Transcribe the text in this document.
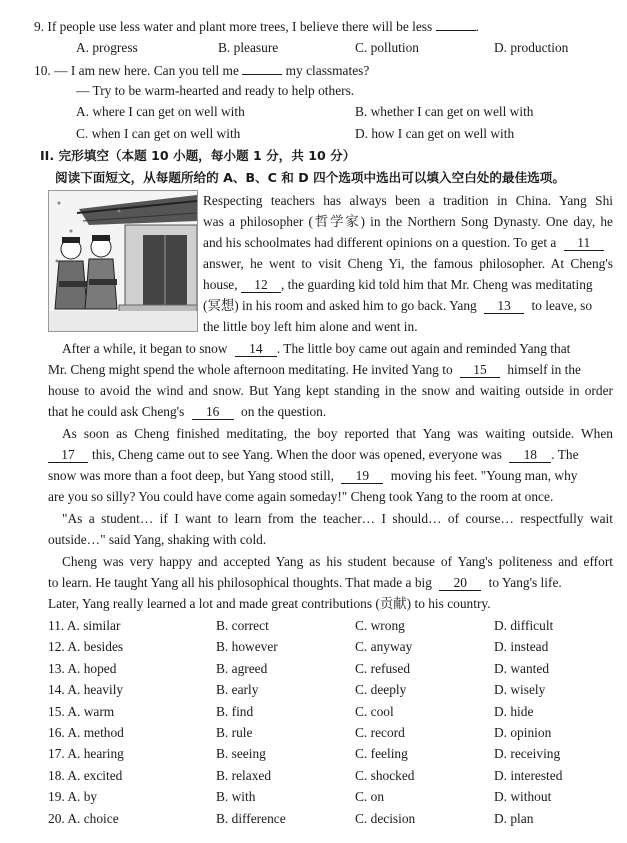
9. If people use less water and plant more trees, I believe there will be less	.
A. progress	B. pleasure	C. pollution	D. production
10. — I am new here. Can you tell me	my classmates?
— Try to be warm-hearted and ready to help others.
A. where I can get on well with	B. whether I can get on well with
C. when I can get on well with	D. how I can get on well with
II. 完形填空（本题 10 小题，每小题 1 分，共 10 分）
阅读下面短文，从每题所给的 A、B、C 和 D 四个选项中选出可以填入空白处的最佳选项。
Respecting teachers has always been a tradition in China. Yang Shi
was a philosopher (哲学家) in the Northern Song Dynasty. One day, he
and his schoolmates had different opinions on a question. To get a 11
answer, he went to visit Cheng Yi, the famous philosopher. At Cheng's
house, 12 , the guarding kid told him that Mr. Cheng was meditating
(冥想) in his room and asked him to go back. Yang 13 to leave, so
the little boy left him alone and went in.
After a while, it began to snow 14 . The little boy came out again and reminded Yang that
Mr. Cheng might spend the whole afternoon meditating. He invited Yang to 15 himself in the
house to avoid the wind and snow. But Yang kept standing in the snow and waiting outside in order
that he could ask Cheng's 16 on the question.
As soon as Cheng finished meditating, the boy reported that Yang was waiting outside. When
17 this, Cheng came out to see Yang. When the door was opened, everyone was 18 . The
snow was more than a foot deep, but Yang stood still, 19 moving his feet. "Young man, why
are you so silly? You could have come again someday!" Cheng took Yang to the room at once.
"As a student… if I want to learn from the teacher… I should… of course… respectfully wait
outside…" said Yang, shaking with cold.
Cheng was very happy and accepted Yang as his student because of Yang's politeness and effort
to learn. He taught Yang all his philosophical thoughts. That made a big 20 to Yang's life.
Later, Yang really learned a lot and made great contributions (贡献) to his country.
11. A. similar	B. correct	C. wrong	D. difficult
12. A. besides	B. however	C. anyway	D. instead
13. A. hoped	B. agreed	C. refused	D. wanted
14. A. heavily	B. early	C. deeply	D. wisely
15. A. warm	B. find	C. cool	D. hide
16. A. method	B. rule	C. record	D. opinion
17. A. hearing	B. seeing	C. feeling	D. receiving
18. A. excited	B. relaxed	C. shocked	D. interested
19. A. by	B. with	C. on	D. without
20. A. choice	B. difference	C. decision	D. plan
